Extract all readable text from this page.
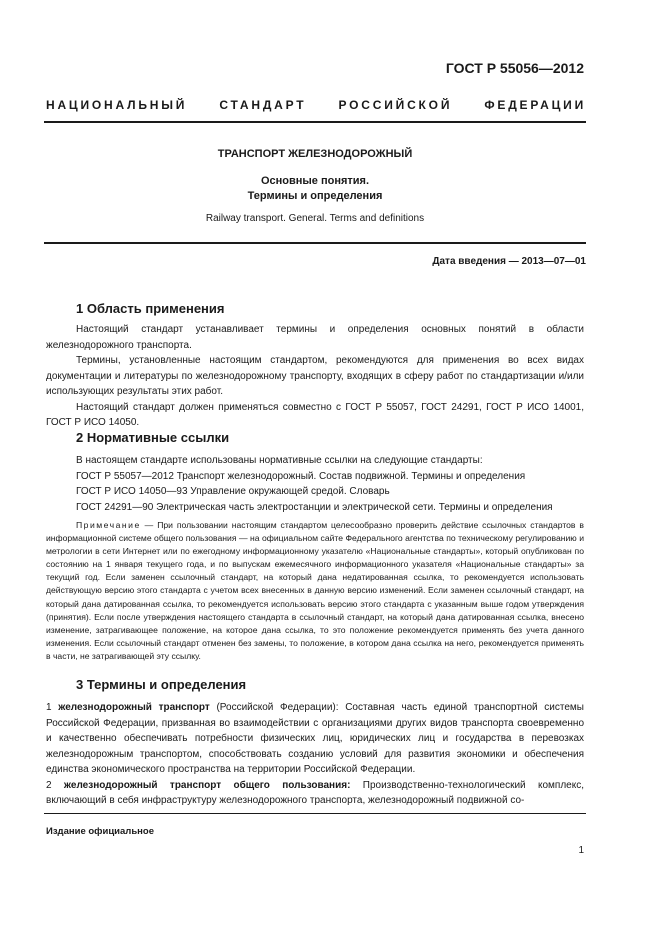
ГОСТ Р 55056—2012
НАЦИОНАЛЬНЫЙ СТАНДАРТ РОССИЙСКОЙ ФЕДЕРАЦИИ
ТРАНСПОРТ ЖЕЛЕЗНОДОРОЖНЫЙ
Основные понятия.
Термины и определения
Railway transport. General. Terms and definitions
Дата введения — 2013—07—01
1 Область применения

Настоящий стандарт устанавливает термины и определения основных понятий в области железнодорожного транспорта.

Термины, установленные настоящим стандартом, рекомендуются для применения во всех видах документации и литературы по железнодорожному транспорту, входящих в сферу работ по стандартизации и/или использующих результаты этих работ.

Настоящий стандарт должен применяться совместно с ГОСТ Р 55057, ГОСТ 24291, ГОСТ Р ИСО 14001, ГОСТ Р ИСО 14050.

2 Нормативные ссылки

В настоящем стандарте использованы нормативные ссылки на следующие стандарты:

ГОСТ Р 55057—2012 Транспорт железнодорожный. Состав подвижной. Термины и определения

ГОСТ Р ИСО 14050—93 Управление окружающей средой. Словарь

ГОСТ 24291—90 Электрическая часть электростанции и электрической сети. Термины и определения

Примечание — При пользовании настоящим стандартом целесообразно проверить действие ссылочных стандартов в информационной системе общего пользования — на официальном сайте Федерального агентства по техническому регулированию и метрологии в сети Интернет или по ежегодному информационному указателю «Национальные стандарты», который опубликован по состоянию на 1 января текущего года, и по выпускам ежемесячного информационного указателя «Национальные стандарты» за текущий год. Если заменен ссылочный стандарт, на который дана недатированная ссылка, то рекомендуется использовать действующую версию этого стандарта с учетом всех внесенных в данную версию изменений. Если заменен ссылочный стандарт, на который дана датированная ссылка, то рекомендуется использовать версию этого стандарта с указанным выше годом утверждения (принятия). Если после утверждения настоящего стандарта в ссылочный стандарт, на который дана датированная ссылка, внесено изменение, затрагивающее положение, на которое дана ссылка, то это положение рекомендуется применять без учета данного изменения. Если ссылочный стандарт отменен без замены, то положение, в котором дана ссылка на него, рекомендуется применять в части, не затрагивающей эту ссылку.
3 Термины и определения

1 железнодорожный транспорт (Российской Федерации): Составная часть единой транспортной системы Российской Федерации, призванная во взаимодействии с организациями других видов транспорта своевременно и качественно обеспечивать потребности физических лиц, юридических лиц и государства в перевозках железнодорожным транспортом, способствовать созданию условий для развития экономики и обеспечения единства экономического пространства на территории Российской Федерации.

2 железнодорожный транспорт общего пользования: Производственно-технологический комплекс, включающий в себя инфраструктуру железнодорожного транспорта, железнодорожный подвижной со-

Издание официальное
1
